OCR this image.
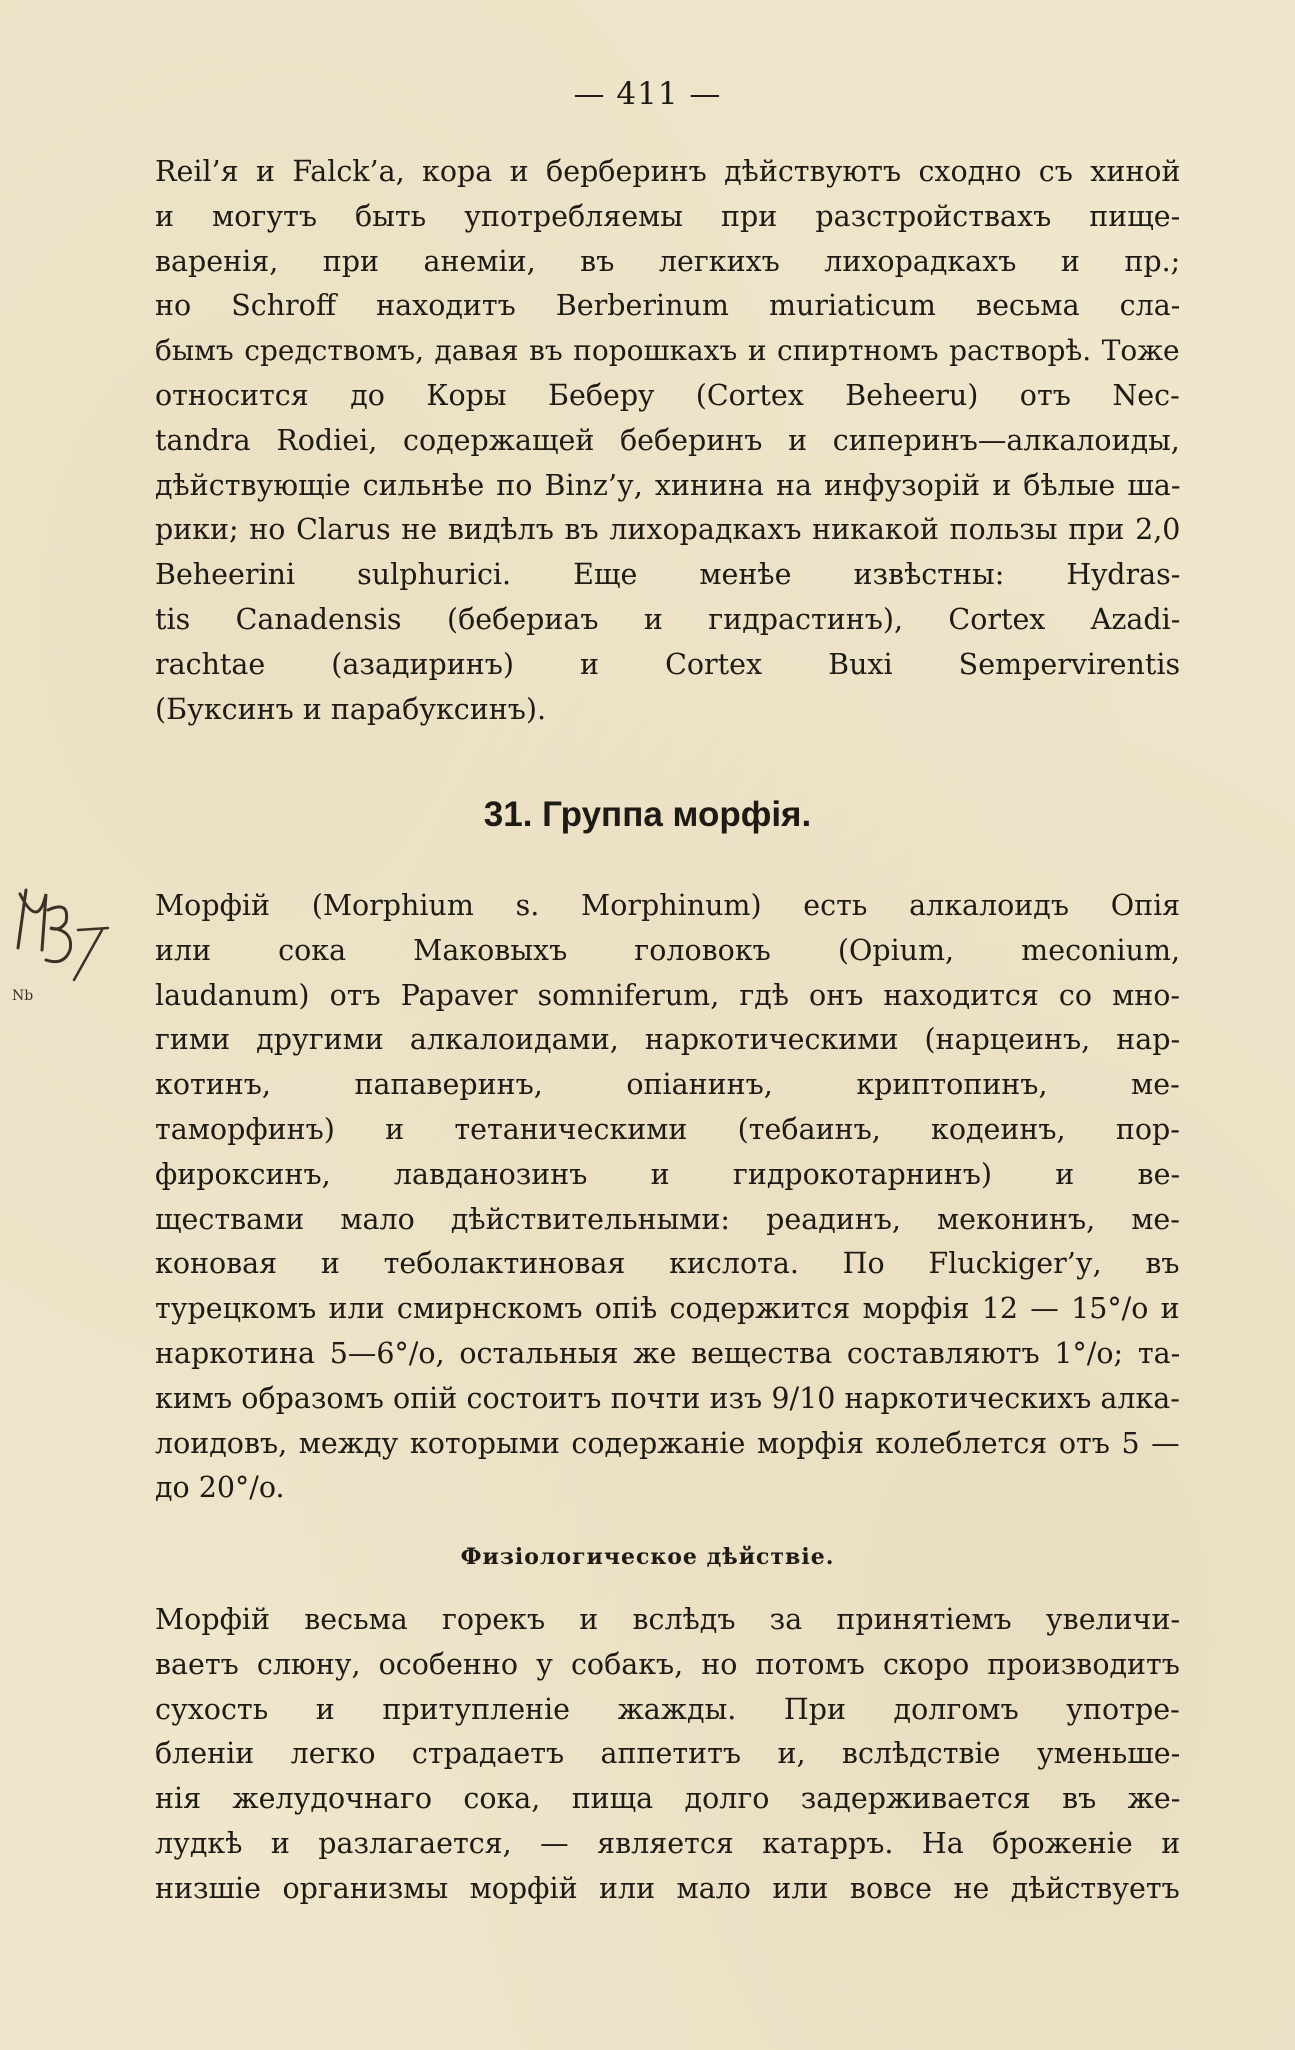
— 411 —
Reil’я и Falck’а, кора и берберинъ дѣйствуютъ сходно съ хиной
и могутъ быть употребляемы при разстройствахъ пище-
варенія, при анеміи, въ легкихъ лихорадкахъ и пр.;
но Schroff находитъ Berberinum muriaticum весьма сла-
бымъ средствомъ, давая въ порошкахъ и спиртномъ растворѣ. Тоже
относится до Коры Бебеpy (Cortex Beheeru) отъ Nec-
tandra Rodiei, содержащей беберинъ и сиперинъ—алкалоиды,
дѣйствующіе сильнѣе по Binz’у, хинина на инфузорій и бѣлые ша-
рики; но Clarus не видѣлъ въ лихорадкахъ никакой пользы при 2,0
Beheerini sulphurici. Еще менѣе извѣстны: Hydras-
tis Canadensis (бебериаъ и гидрастинъ), Cortex Azadi-
rachtae (азадиринъ) и Cortex Buxi Sempervirentis
(Буксинъ и парабуксинъ).
31. Группа морфія.
Nb
Морфій (Morphium s. Morphinum) есть алкалоидъ Опія
или сока Маковыхъ головокъ (Opium, meconium,
laudanum) отъ Papaver somniferum, гдѣ онъ находится со мно-
гими другими алкалоидами, наркотическими (нарцеинъ, нар-
котинъ, папаверинъ, опіанинъ, криптопинъ, ме-
таморфинъ) и тетаническими (тебаинъ, кодеинъ, пор-
фироксинъ, лавданозинъ и гидрокотарнинъ) и ве-
ществами мало дѣйствительными: реадинъ, меконинъ, ме-
коновая и теболактиновая кислота. По Fluckiger’у, въ
турецкомъ или смирнскомъ опіѣ содержится морфія 12 — 15°/o и
наркотина 5—6°/o, остальныя же вещества составляютъ 1°/o; та-
кимъ образомъ опій состоитъ почти изъ 9/10 наркотическихъ алка-
лоидовъ, между которыми содержаніе морфія колеблется отъ 5 —
до 20°/o.
Физіологическое дѣйствіе.
Морфій весьма горекъ и вслѣдъ за принятіемъ увеличи-
ваетъ слюну, особенно у собакъ, но потомъ скоро производитъ
сухость и притупленіе жажды. При долгомъ употре-
бленіи легко страдаетъ аппетитъ и, вслѣдствіе уменьше-
нія желудочнаго сока, пища долго задерживается въ же-
лудкѣ и разлагается, — является катарръ. На броженіе и
низшіе организмы морфій или мало или вовсе не дѣйствуетъ
